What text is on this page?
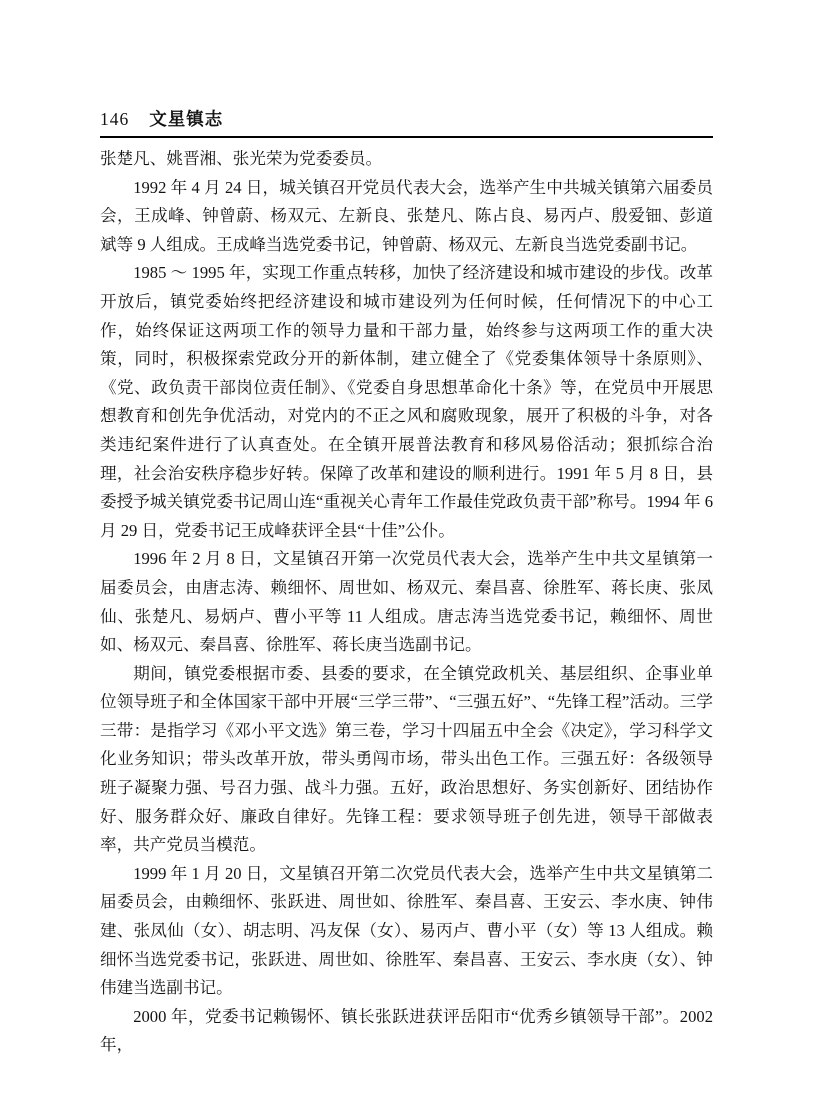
146 文星镇志

张楚凡、姚晋湘、张光荣为党委委员。

1992 年 4 月 24 日，城关镇召开党员代表大会，选举产生中共城关镇第六届委员会，王成峰、钟曾蔚、杨双元、左新良、张楚凡、陈占良、易丙卢、殷爱钿、彭道斌等 9 人组成。王成峰当选党委书记，钟曾蔚、杨双元、左新良当选党委副书记。

1985 ～ 1995 年，实现工作重点转移，加快了经济建设和城市建设的步伐。改革开放后，镇党委始终把经济建设和城市建设列为任何时候，任何情况下的中心工作，始终保证这两项工作的领导力量和干部力量，始终参与这两项工作的重大决策，同时，积极探索党政分开的新体制，建立健全了《党委集体领导十条原则》、《党、政负责干部岗位责任制》、《党委自身思想革命化十条》等，在党员中开展思想教育和创先争优活动，对党内的不正之风和腐败现象，展开了积极的斗争，对各类违纪案件进行了认真查处。在全镇开展普法教育和移风易俗活动；狠抓综合治理，社会治安秩序稳步好转。保障了改革和建设的顺利进行。1991 年 5 月 8 日，县委授予城关镇党委书记周山连“重视关心青年工作最佳党政负责干部”称号。1994 年 6 月 29 日，党委书记王成峰获评全县“十佳”公仆。

1996 年 2 月 8 日，文星镇召开第一次党员代表大会，选举产生中共文星镇第一届委员会，由唐志涛、赖细怀、周世如、杨双元、秦昌喜、徐胜军、蒋长庚、张凤仙、张楚凡、易炳卢、曹小平等 11 人组成。唐志涛当选党委书记，赖细怀、周世如、杨双元、秦昌喜、徐胜军、蒋长庚当选副书记。

期间，镇党委根据市委、县委的要求，在全镇党政机关、基层组织、企事业单位领导班子和全体国家干部中开展“三学三带”、“三强五好”、“先锋工程”活动。三学三带：是指学习《邓小平文选》第三卷，学习十四届五中全会《决定》，学习科学文化业务知识；带头改革开放，带头勇闯市场，带头出色工作。三强五好：各级领导班子凝聚力强、号召力强、战斗力强。五好，政治思想好、务实创新好、团结协作好、服务群众好、廉政自律好。先锋工程：要求领导班子创先进，领导干部做表率，共产党员当模范。

1999 年 1 月 20 日，文星镇召开第二次党员代表大会，选举产生中共文星镇第二届委员会，由赖细怀、张跃进、周世如、徐胜军、秦昌喜、王安云、李水庚、钟伟建、张凤仙（女）、胡志明、冯友保（女）、易丙卢、曹小平（女）等 13 人组成。赖细怀当选党委书记，张跃进、周世如、徐胜军、秦昌喜、王安云、李水庚（女）、钟伟建当选副书记。

2000 年，党委书记赖锡怀、镇长张跃进获评岳阳市“优秀乡镇领导干部”。2002 年，
